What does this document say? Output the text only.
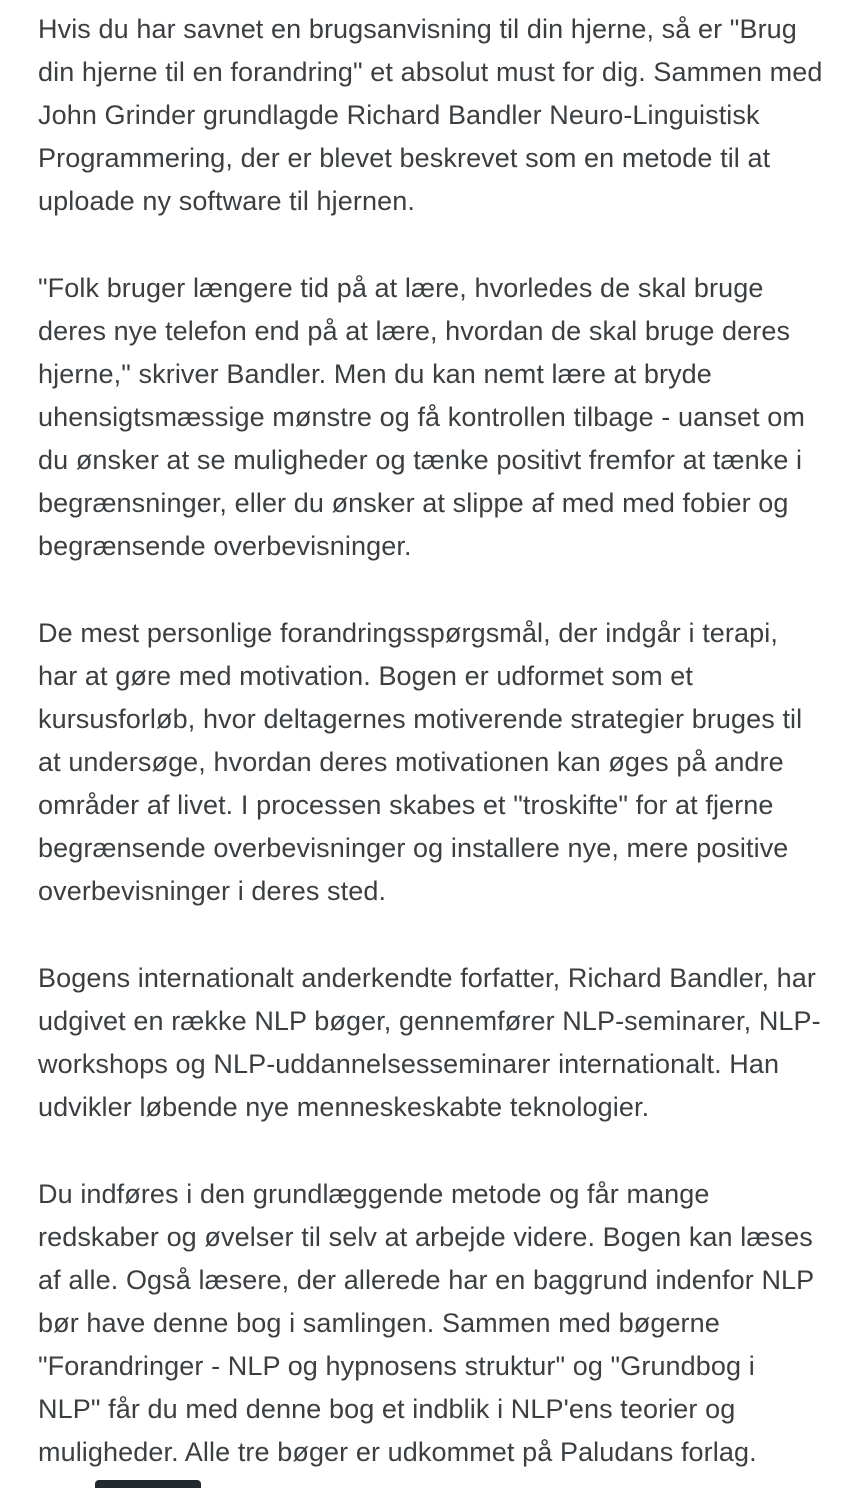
Hvis du har savnet en brugsanvisning til din hjerne, så er "Brug din hjerne til en forandring" et absolut must for dig. Sammen med John Grinder grundlagde Richard Bandler Neuro-Linguistisk Programmering, der er blevet beskrevet som en metode til at uploade ny software til hjernen.

"Folk bruger længere tid på at lære, hvorledes de skal bruge deres nye telefon end på at lære, hvordan de skal bruge deres hjerne," skriver Bandler. Men du kan nemt lære at bryde uhensigtsmæssige mønstre og få kontrollen tilbage - uanset om du ønsker at se muligheder og tænke positivt fremfor at tænke i begrænsninger, eller du ønsker at slippe af med med fobier og begrænsende overbevisninger.

De mest personlige forandringsspørgsmål, der indgår i terapi, har at gøre med motivation. Bogen er udformet som et kursusforløb, hvor deltagernes motiverende strategier bruges til at undersøge, hvordan deres motivationen kan øges på andre områder af livet. I processen skabes et "troskifte" for at fjerne begrænsende overbevisninger og installere nye, mere positive overbevisninger i deres sted.

Bogens internationalt anderkendte forfatter, Richard Bandler, har udgivet en række NLP bøger, gennemfører NLP-seminarer, NLP-workshops og NLP-uddannelsesseminarer internationalt. Han udvikler løbende nye menneskeskabte teknologier.

Du indføres i den grundlæggende metode og får mange redskaber og øvelser til selv at arbejde videre. Bogen kan læses af alle. Også læsere, der allerede har en baggrund indenfor NLP bør have denne bog i samlingen. Sammen med bøgerne "Forandringer - NLP og hypnosens struktur" og "Grundbog i NLP" får du med denne bog et indblik i NLP'ens teorier og muligheder. Alle tre bøger er udkommet på Paludans forlag.
